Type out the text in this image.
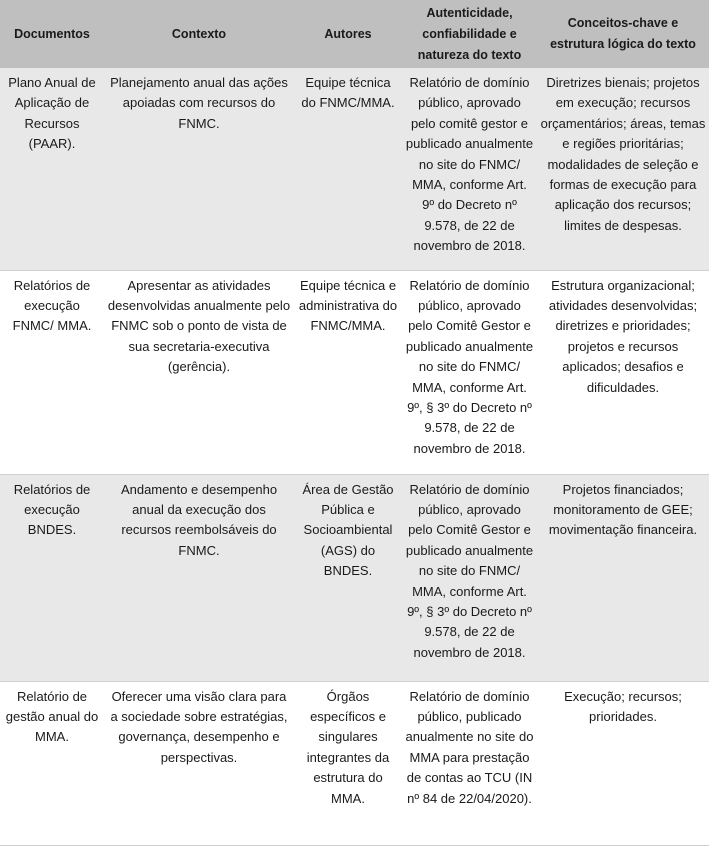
Documentos	Contexto	Autores	Autenticidade, confiabilidade e natureza do texto	Conceitos-chave e estrutura lógica do texto
Plano Anual de Aplicação de Recursos (PAAR).	Planejamento anual das ações apoiadas com recursos do FNMC.	Equipe técnica do FNMC/MMA.	Relatório de domínio público, aprovado pelo comitê gestor e publicado anualmente no site do FNMC/ MMA, conforme Art. 9º do Decreto nº 9.578, de 22 de novembro de 2018.	Diretrizes bienais; projetos em execução; recursos orçamentários; áreas, temas e regiões prioritárias; modalidades de seleção e formas de execução para aplicação dos recursos; limites de despesas.
Relatórios de execução FNMC/ MMA.	Apresentar as atividades desenvolvidas anualmente pelo FNMC sob o ponto de vista de sua secretaria-executiva (gerência).	Equipe técnica e administrativa do FNMC/MMA.	Relatório de domínio público, aprovado pelo Comitê Gestor e publicado anualmente no site do FNMC/ MMA, conforme Art. 9º, § 3º do Decreto nº 9.578, de 22 de novembro de 2018.	Estrutura organizacional; atividades desenvolvidas; diretrizes e prioridades; projetos e recursos aplicados; desafios e dificuldades.
Relatórios de execução BNDES.	Andamento e desempenho anual da execução dos recursos reembolsáveis do FNMC.	Área de Gestão Pública e Socioambiental (AGS) do BNDES.	Relatório de domínio público, aprovado pelo Comitê Gestor e publicado anualmente no site do FNMC/ MMA, conforme Art. 9º, § 3º do Decreto nº 9.578, de 22 de novembro de 2018.	Projetos financiados; monitoramento de GEE; movimentação financeira.
Relatório de gestão anual do MMA.	Oferecer uma visão clara para a sociedade sobre estratégias, governança, desempenho e perspectivas.	Órgãos específicos e singulares integrantes da estrutura do MMA.	Relatório de domínio público, publicado anualmente no site do MMA para prestação de contas ao TCU (IN nº 84 de 22/04/2020).	Execução; recursos; prioridades.
